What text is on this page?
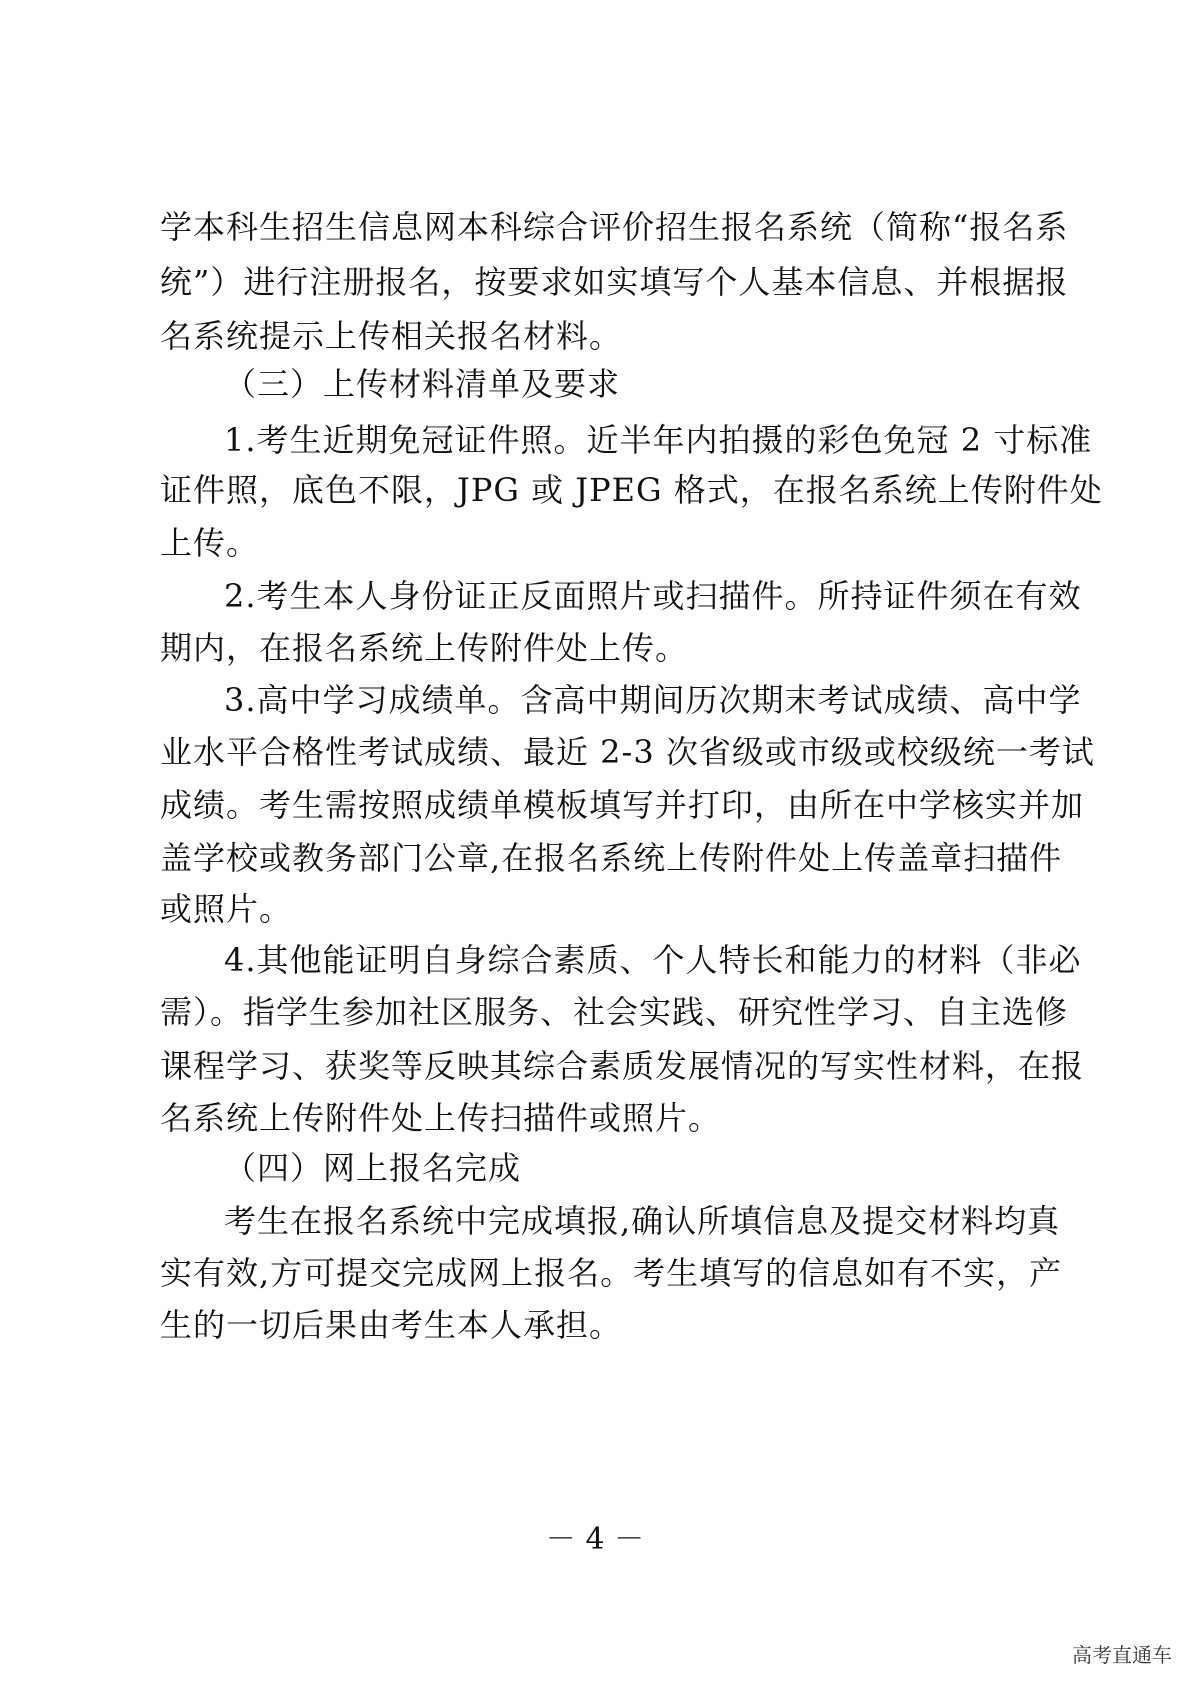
学本科生招生信息网本科综合评价招生报名系统（简称“报名系
统”）进行注册报名，按要求如实填写个人基本信息、并根据报
名系统提示上传相关报名材料。
（三）上传材料清单及要求
1.考生近期免冠证件照。近半年内拍摄的彩色免冠 2 寸标准
证件照，底色不限，JPG 或 JPEG 格式，在报名系统上传附件处
上传。
2.考生本人身份证正反面照片或扫描件。所持证件须在有效
期内，在报名系统上传附件处上传。
3.高中学习成绩单。含高中期间历次期末考试成绩、高中学
业水平合格性考试成绩、最近 2-3 次省级或市级或校级统一考试
成绩。考生需按照成绩单模板填写并打印，由所在中学核实并加
盖学校或教务部门公章,在报名系统上传附件处上传盖章扫描件
或照片。
4.其他能证明自身综合素质、个人特长和能力的材料（非必
需）。指学生参加社区服务、社会实践、研究性学习、自主选修
课程学习、获奖等反映其综合素质发展情况的写实性材料，在报
名系统上传附件处上传扫描件或照片。
（四）网上报名完成
考生在报名系统中完成填报,确认所填信息及提交材料均真
实有效,方可提交完成网上报名。考生填写的信息如有不实，产
生的一切后果由考生本人承担。
－ 4 －
高考直通车
